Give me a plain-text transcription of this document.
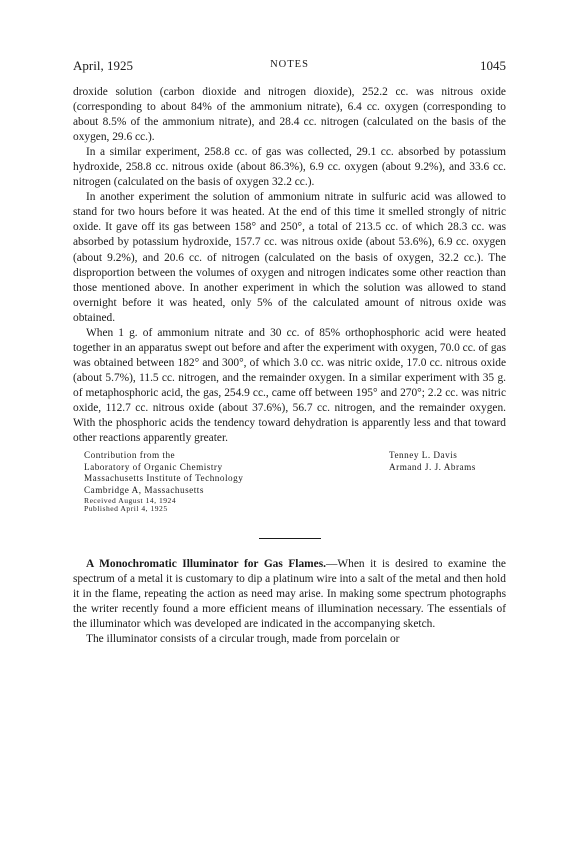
April, 1925	NOTES	1045

droxide solution (carbon dioxide and nitrogen dioxide), 252.2 cc. was nitrous oxide (corresponding to about 84% of the ammonium nitrate), 6.4 cc. oxygen (corresponding to about 8.5% of the ammonium nitrate), and 28.4 cc. nitrogen (calculated on the basis of the oxygen, 29.6 cc.).

In a similar experiment, 258.8 cc. of gas was collected, 29.1 cc. absorbed by potassium hydroxide, 258.8 cc. nitrous oxide (about 86.3%), 6.9 cc. oxygen (about 9.2%), and 33.6 cc. nitrogen (calculated on the basis of oxygen 32.2 cc.).

In another experiment the solution of ammonium nitrate in sulfuric acid was allowed to stand for two hours before it was heated. At the end of this time it smelled strongly of nitric oxide. It gave off its gas between 158° and 250°, a total of 213.5 cc. of which 28.3 cc. was absorbed by potassium hydroxide, 157.7 cc. was nitrous oxide (about 53.6%), 6.9 cc. oxygen (about 9.2%), and 20.6 cc. of nitrogen (calculated on the basis of oxygen, 32.2 cc.). The disproportion between the volumes of oxygen and nitrogen indicates some other reaction than those mentioned above. In another experiment in which the solution was allowed to stand overnight before it was heated, only 5% of the calculated amount of nitrous oxide was obtained.

When 1 g. of ammonium nitrate and 30 cc. of 85% orthophosphoric acid were heated together in an apparatus swept out before and after the experiment with oxygen, 70.0 cc. of gas was obtained between 182° and 300°, of which 3.0 cc. was nitric oxide, 17.0 cc. nitrous oxide (about 5.7%), 11.5 cc. nitrogen, and the remainder oxygen. In a similar experiment with 35 g. of metaphosphoric acid, the gas, 254.9 cc., came off between 195° and 270°; 2.2 cc. was nitric oxide, 112.7 cc. nitrous oxide (about 37.6%), 56.7 cc. nitrogen, and the remainder oxygen. With the phosphoric acids the tendency toward dehydration is apparently less and that toward other reactions apparently greater.

Contribution from the
Laboratory of Organic Chemistry
Massachusetts Institute of Technology
Cambridge A, Massachusetts
Received August 14, 1924
Published April 4, 1925
Tenney L. Davis
Armand J. J. Abrams

A Monochromatic Illuminator for Gas Flames.—When it is desired to examine the spectrum of a metal it is customary to dip a platinum wire into a salt of the metal and then hold it in the flame, repeating the action as need may arise. In making some spectrum photographs the writer recently found a more efficient means of illumination necessary. The essentials of the illuminator which was developed are indicated in the accompanying sketch.

The illuminator consists of a circular trough, made from porcelain or
